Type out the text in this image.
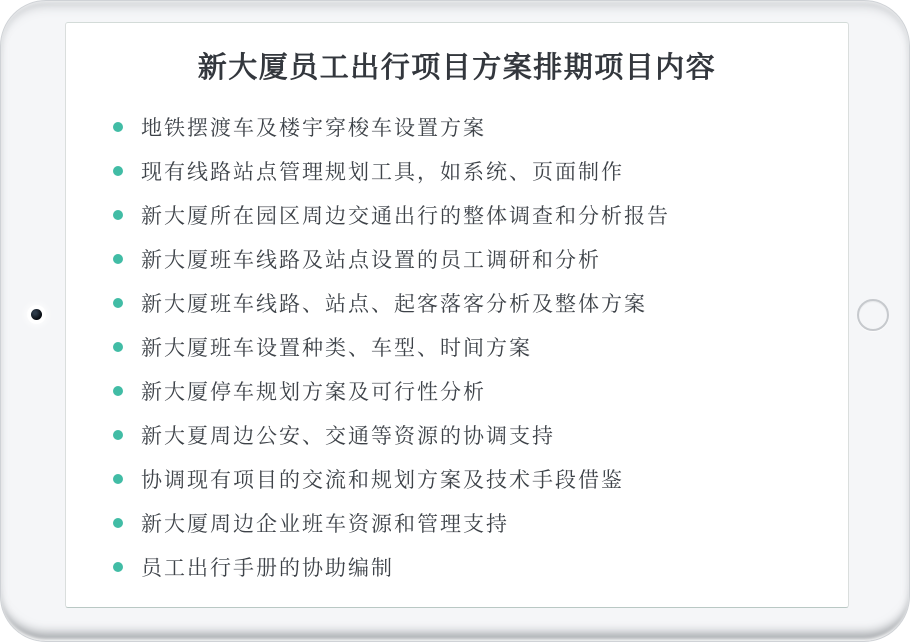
新大厦员工出行项目方案排期项目内容
地铁摆渡车及楼宇穿梭车设置方案
现有线路站点管理规划工具，如系统、页面制作
新大厦所在园区周边交通出行的整体调查和分析报告
新大厦班车线路及站点设置的员工调研和分析
新大厦班车线路、站点、起客落客分析及整体方案
新大厦班车设置种类、车型、时间方案
新大厦停车规划方案及可行性分析
新大夏周边公安、交通等资源的协调支持
协调现有项目的交流和规划方案及技术手段借鉴
新大厦周边企业班车资源和管理支持
员工出行手册的协助编制
